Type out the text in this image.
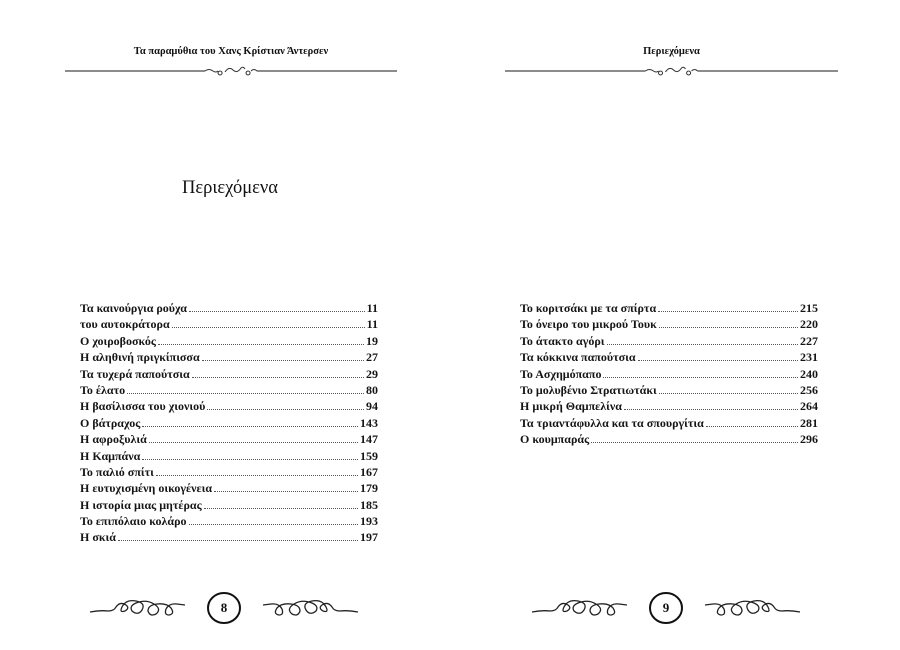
Τα παραμύθια του Χανς Κρίστιαν Άντερσεν
Περιεχόμενα
Τα καινούργια ρούχα	11
του αυτοκράτορα	11
Ο χοιροβοσκός	19
Η αληθινή πριγκίπισσα	27
Τα τυχερά παπούτσια	29
Το έλατο	80
Η βασίλισσα του χιονιού	94
Ο βάτραχος	143
Η αφροξυλιά	147
Η Καμπάνα	159
Το παλιό σπίτι	167
Η ευτυχισμένη οικογένεια	179
Η ιστορία μιας μητέρας	185
Το επιπόλαιο κολάρο	193
Η σκιά	197
8
Περιεχόμενα
Το κοριτσάκι με τα σπίρτα	215
Το όνειρο του μικρού Τουκ	220
Το άτακτο αγόρι	227
Τα κόκκινα παπούτσια	231
Το Ασχημόπαπο	240
Το μολυβένιο Στρατιωτάκι	256
Η μικρή Θαμπελίνα	264
Τα τριαντάφυλλα και τα σπουργίτια	281
Ο κουμπαράς	296
9
